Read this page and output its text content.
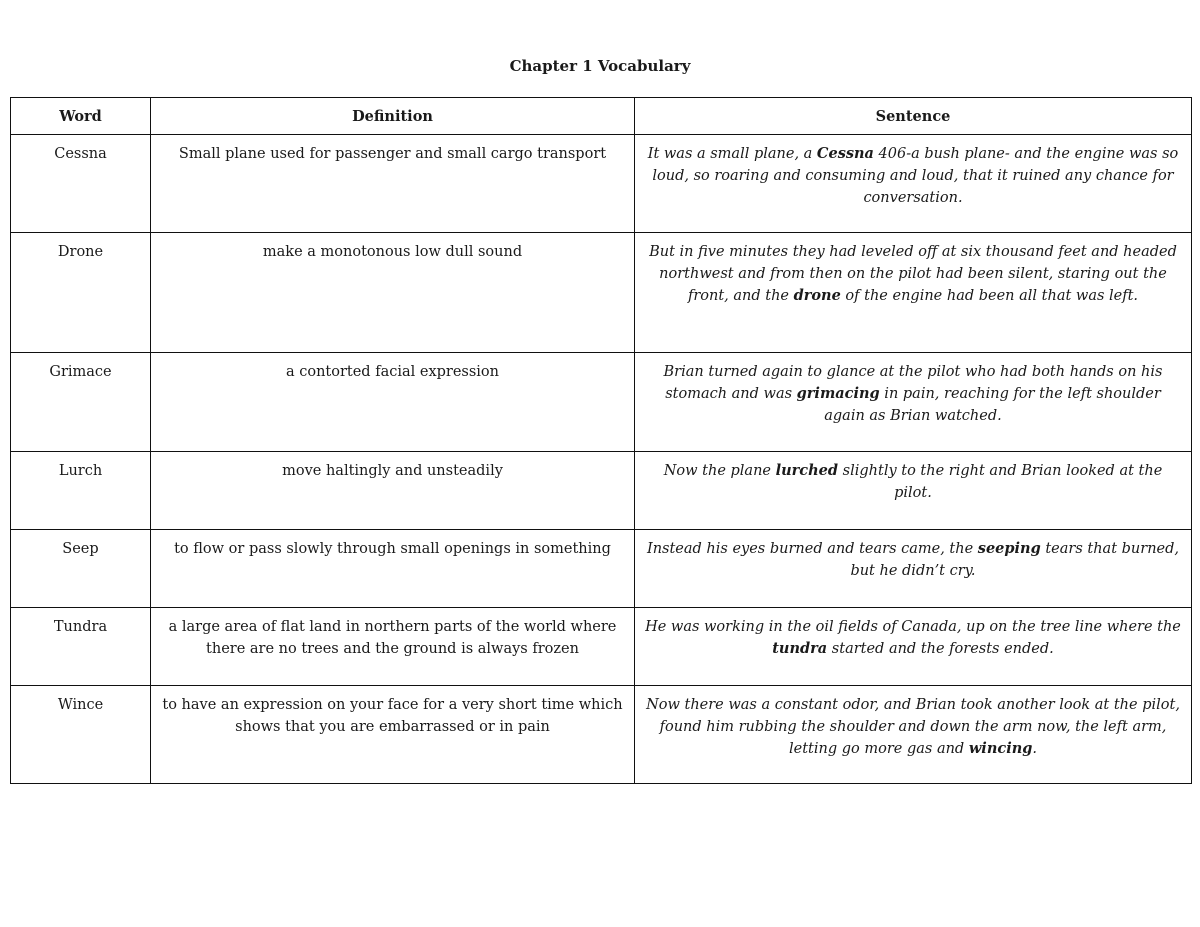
Chapter 1 Vocabulary
Word	Definition	Sentence
Cessna	Small plane used for passenger and small cargo transport	It was a small plane, a Cessna 406-a bush plane- and the engine was so loud, so roaring and consuming and loud, that it ruined any chance for conversation.
Drone	make a monotonous low dull sound	But in five minutes they had leveled off at six thousand feet and headed northwest and from then on the pilot had been silent, staring out the front, and the drone of the engine had been all that was left.
Grimace	a contorted facial expression	Brian turned again to glance at the pilot who had both hands on his stomach and was grimacing in pain, reaching for the left shoulder again as Brian watched.
Lurch	move haltingly and unsteadily	Now the plane lurched slightly to the right and Brian looked at the pilot.
Seep	to flow or pass slowly through small openings in something	Instead his eyes burned and tears came, the seeping tears that burned, but he didn’t cry.
Tundra	a large area of flat land in northern parts of the world where there are no trees and the ground is always frozen	He was working in the oil fields of Canada, up on the tree line where the tundra started and the forests ended.
Wince	to have an expression on your face for a very short time which shows that you are embarrassed or in pain	Now there was a constant odor, and Brian took another look at the pilot, found him rubbing the shoulder and down the arm now, the left arm, letting go more gas and wincing.
